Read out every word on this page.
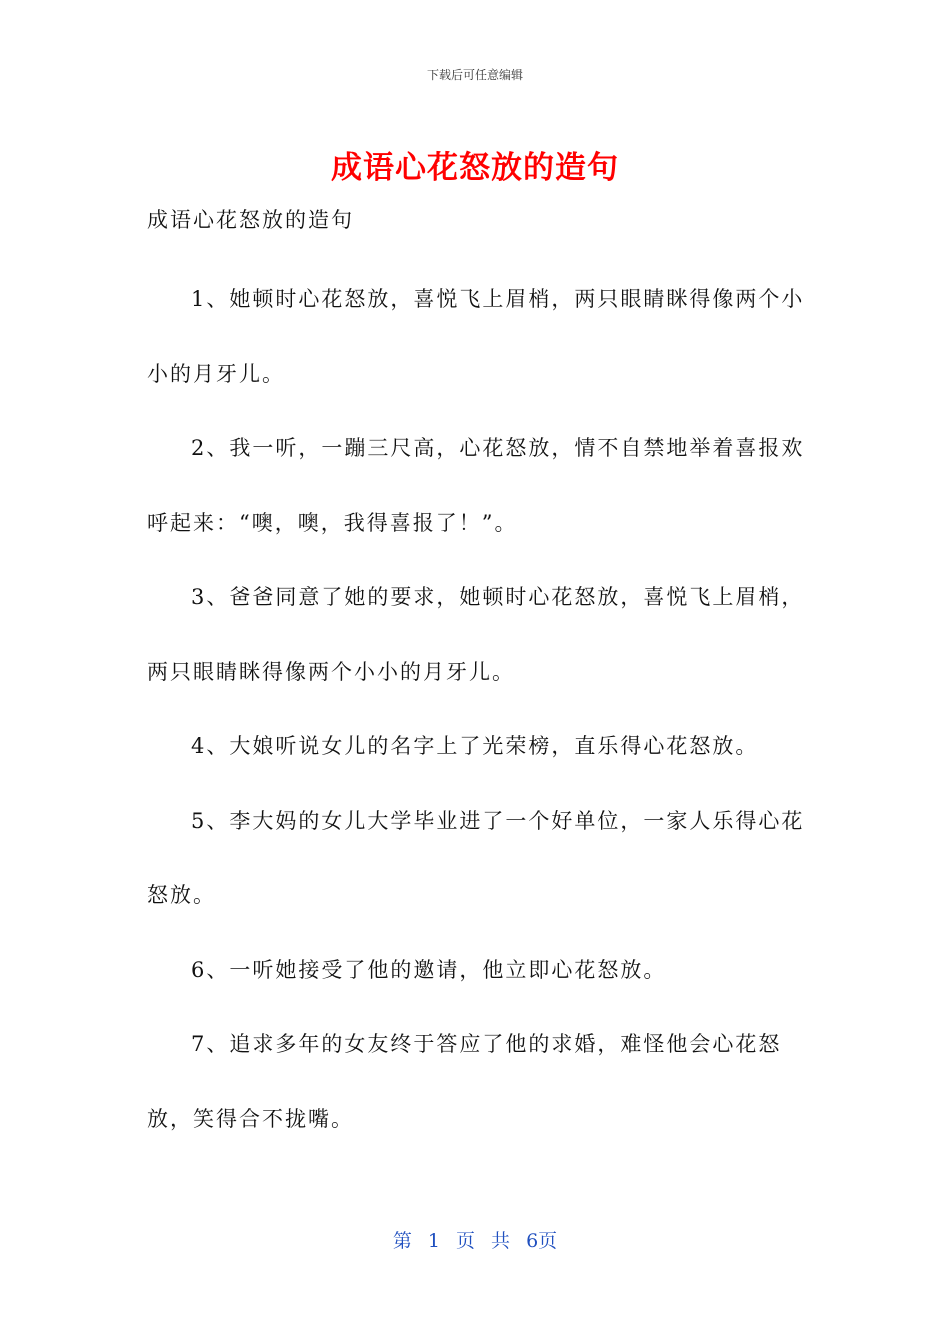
下载后可任意编辑
成语心花怒放的造句
成语心花怒放的造句

1、她顿时心花怒放，喜悦飞上眉梢，两只眼睛眯得像两个小小的月牙儿。

2、我一听，一蹦三尺高，心花怒放，情不自禁地举着喜报欢呼起来：“噢，噢，我得喜报了！”。

3、爸爸同意了她的要求，她顿时心花怒放，喜悦飞上眉梢，两只眼睛眯得像两个小小的月牙儿。

4、大娘听说女儿的名字上了光荣榜，直乐得心花怒放。

5、李大妈的女儿大学毕业进了一个好单位，一家人乐得心花怒放。

6、一听她接受了他的邀请，他立即心花怒放。

7、追求多年的女友终于答应了他的求婚，难怪他会心花怒放，笑得合不拢嘴。

第 1 页 共 6页
